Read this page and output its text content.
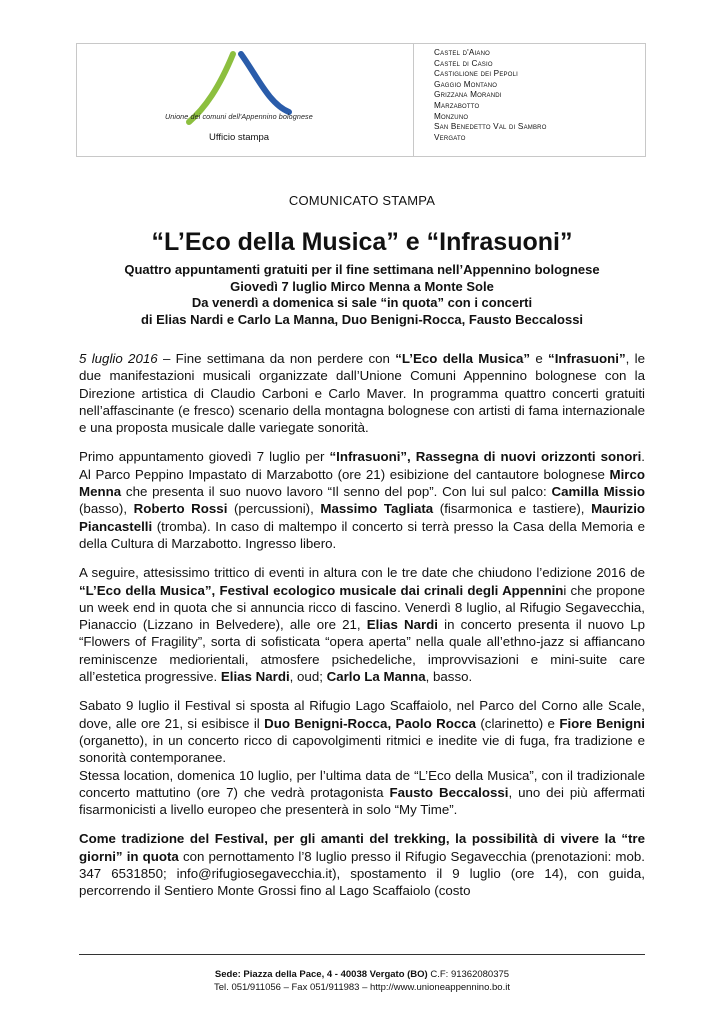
Unione dei comuni dell'Appennino bolognese
Ufficio stampa
Castel d'Aiano
Castel di Casio
Castiglione dei Pepoli
Gaggio Montano
Grizzana Morandi
Marzabotto
Monzuno
San Benedetto Val di Sambro
Vergato
COMUNICATO STAMPA
“L’Eco della Musica” e “Infrasuoni”
Quattro appuntamenti gratuiti per il fine settimana nell’Appennino bolognese
Giovedì 7 luglio Mirco Menna a Monte Sole
Da venerdì a domenica si sale “in quota” con i concerti
di Elias Nardi e Carlo La Manna, Duo Benigni-Rocca, Fausto Beccalossi

5 luglio 2016 – Fine settimana da non perdere con “L’Eco della Musica” e “Infrasuoni”, le due manifestazioni musicali organizzate dall’Unione Comuni Appennino bolognese con la Direzione artistica di Claudio Carboni e Carlo Maver. In programma quattro concerti gratuiti nell’affascinante (e fresco) scenario della montagna bolognese con artisti di fama internazionale e una proposta musicale dalle variegate sonorità.

Primo appuntamento giovedì 7 luglio per “Infrasuoni”, Rassegna di nuovi orizzonti sonori. Al Parco Peppino Impastato di Marzabotto (ore 21) esibizione del cantautore bolognese Mirco Menna che presenta il suo nuovo lavoro “Il senno del pop”. Con lui sul palco: Camilla Missio (basso), Roberto Rossi (percussioni), Massimo Tagliata (fisarmonica e tastiere), Maurizio Piancastelli (tromba). In caso di maltempo il concerto si terrà presso la Casa della Memoria e della Cultura di Marzabotto. Ingresso libero.

A seguire, attesissimo trittico di eventi in altura con le tre date che chiudono l’edizione 2016 de “L’Eco della Musica”, Festival ecologico musicale dai crinali degli Appennini che propone un week end in quota che si annuncia ricco di fascino. Venerdì 8 luglio, al Rifugio Segavecchia, Pianaccio (Lizzano in Belvedere), alle ore 21, Elias Nardi in concerto presenta il nuovo Lp “Flowers of Fragility”, sorta di sofisticata “opera aperta” nella quale all’ethno-jazz si affiancano reminiscenze mediorientali, atmosfere psichedeliche, improvvisazioni e mini-suite care all’estetica progressive. Elias Nardi, oud; Carlo La Manna, basso.

Sabato 9 luglio il Festival si sposta al Rifugio Lago Scaffaiolo, nel Parco del Corno alle Scale, dove, alle ore 21, si esibisce il Duo Benigni-Rocca, Paolo Rocca (clarinetto) e Fiore Benigni (organetto), in un concerto ricco di capovolgimenti ritmici e inedite vie di fuga, fra tradizione e sonorità contemporanee.

Stessa location, domenica 10 luglio, per l’ultima data de “L’Eco della Musica”, con il tradizionale concerto mattutino (ore 7) che vedrà protagonista Fausto Beccalossi, uno dei più affermati fisarmonicisti a livello europeo che presenterà in solo “My Time”.

Come tradizione del Festival, per gli amanti del trekking, la possibilità di vivere la “tre giorni” in quota con pernottamento l’8 luglio presso il Rifugio Segavecchia (prenotazioni: mob. 347 6531850; info@rifugiosegavecchia.it), spostamento il 9 luglio (ore 14), con guida, percorrendo il Sentiero Monte Grossi fino al Lago Scaffaiolo (costo

Sede: Piazza della Pace, 4 - 40038 Vergato (BO) C.F: 91362080375
Tel. 051/911056 – Fax 051/911983 – http://www.unioneappennino.bo.it
